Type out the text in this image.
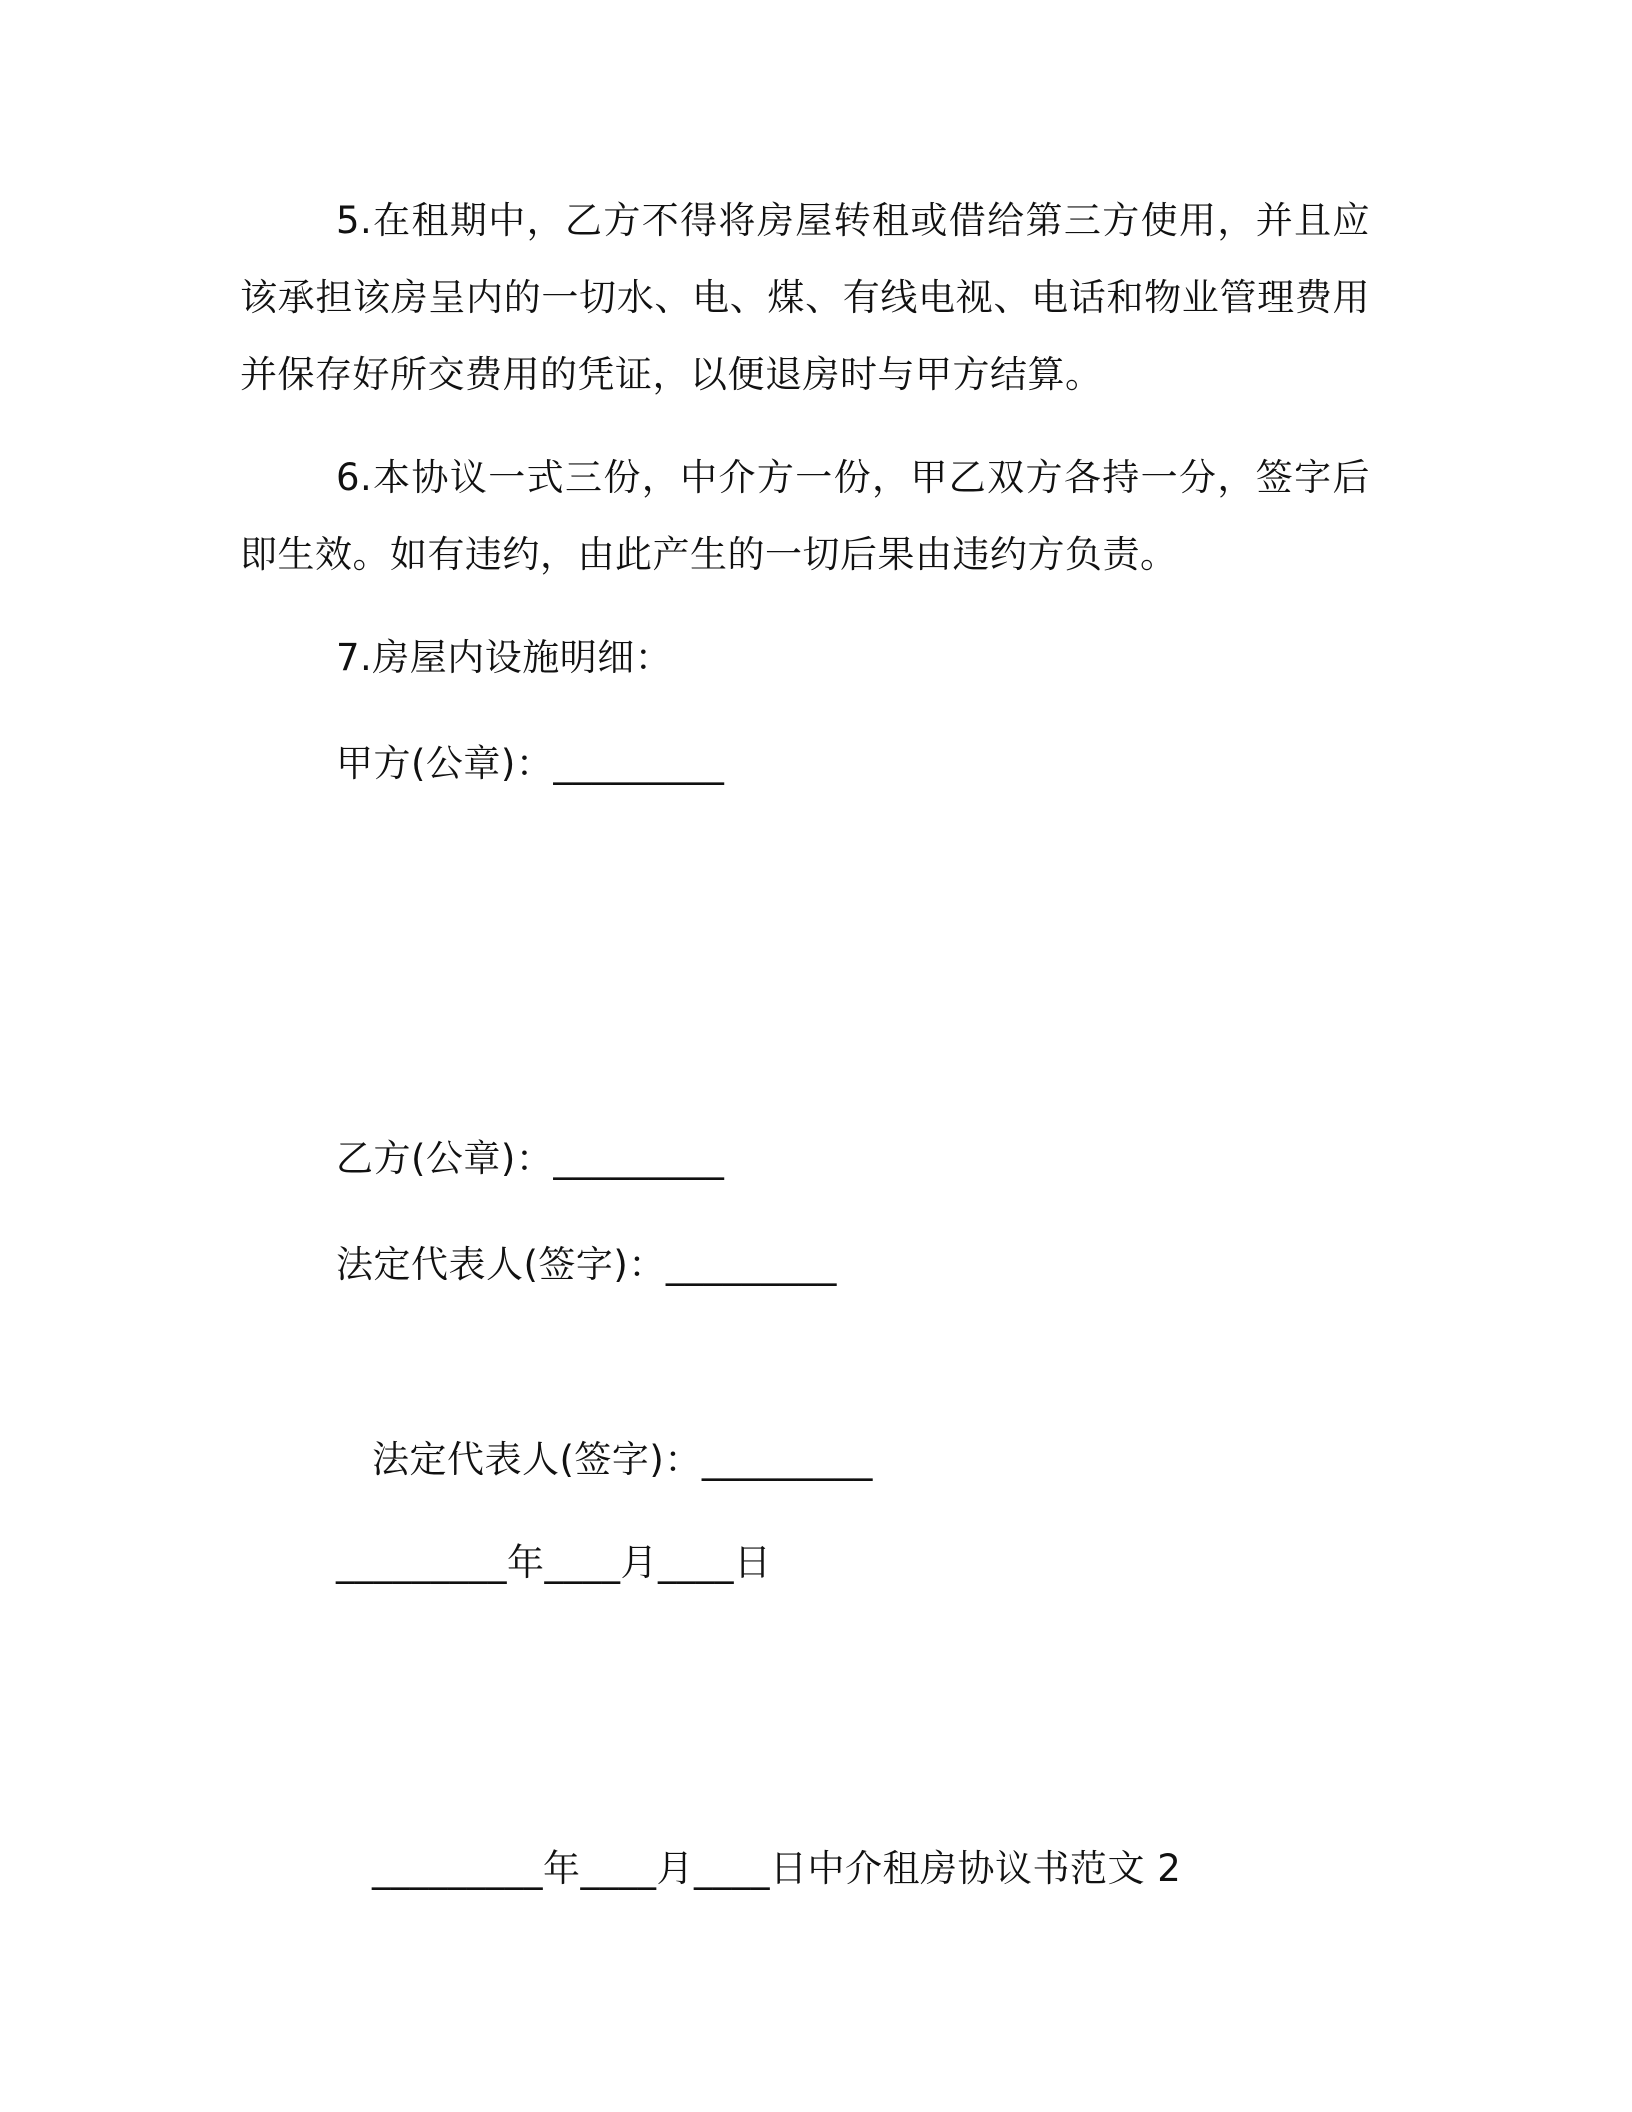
5.在租期中，乙方不得将房屋转租或借给第三方使用，并且应该承担该房呈内的一切水、电、煤、有线电视、电话和物业管理费用并保存好所交费用的凭证，以便退房时与甲方结算。
6.本协议一式三份，中介方一份，甲乙双方各持一分，签字后即生效。如有违约，由此产生的一切后果由违约方负责。
7.房屋内设施明细：
甲方(公章)：_________
乙方(公章)：_________
法定代表人(签字)：_________
法定代表人(签字)：_________
_________年____月____日
_________年____月____日中介租房协议书范文 2
